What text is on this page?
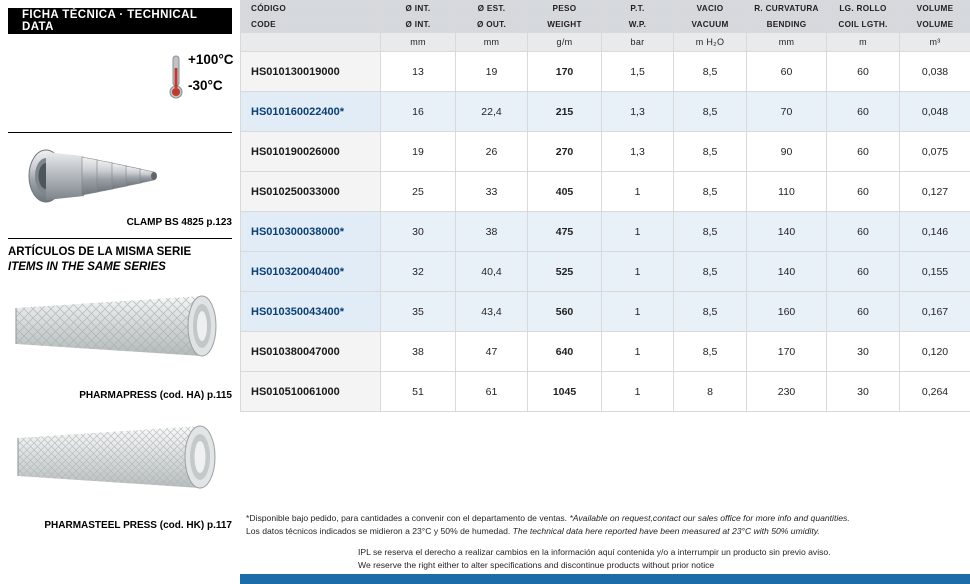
FICHA TÈCNICA · TECHNICAL DATA
+100°C
-30°C
CLAMP BS 4825 p.123
ARTÍCULOS DE LA MISMA SERIE
ITEMS IN THE SAME SERIES
PHARMAPRESS (cod. HA) p.115
PHARMASTEEL PRESS (cod. HK) p.117
CÓDIGO	Ø INT.	Ø EST.	PESO	P.T.	VACIO	R. CURVATURA	LG. ROLLO	VOLUME
CODE	Ø INT.	Ø OUT.	WEIGHT	W.P.	VACUUM	BENDING	COIL LGTH.	VOLUME
	mm	mm	g/m	bar	m H₂O	mm	m	m³
HS010130019000	13	19	170	1,5	8,5	60	60	0,038
HS010160022400*	16	22,4	215	1,3	8,5	70	60	0,048
HS010190026000	19	26	270	1,3	8,5	90	60	0,075
HS010250033000	25	33	405	1	8,5	110	60	0,127
HS010300038000*	30	38	475	1	8,5	140	60	0,146
HS010320040400*	32	40,4	525	1	8,5	140	60	0,155
HS010350043400*	35	43,4	560	1	8,5	160	60	0,167
HS010380047000	38	47	640	1	8,5	170	30	0,120
HS010510061000	51	61	1045	1	8	230	30	0,264
*Disponible bajo pedido, para cantidades a convenir con el departamento de ventas. *Available on request,contact our sales office for more info and quantities.
Los datos técnicos indicados se midieron a 23°C y 50% de humedad. The technical data here reported have been measured at 23°C with 50% umidity.
IPL se reserva el derecho a realizar cambios en la información aquí contenida y/o a interrumpir un producto sin previo aviso.
We reserve the right either to alter specifications and discontinue products without prior notice
